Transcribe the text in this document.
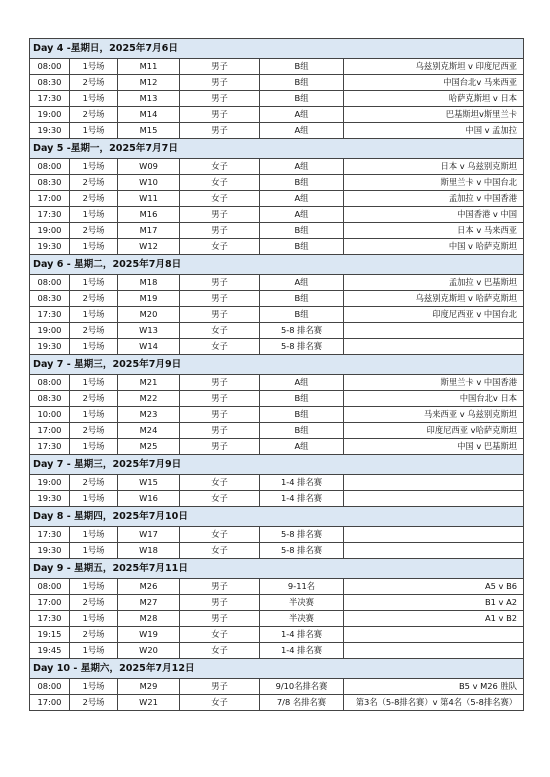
Day 4 -星期日，2025年7月6日					
08:00	1号场	M11	男子	B组	乌兹别克斯坦 v 印度尼西亚
08:30	2号场	M12	男子	B组	中国台北v 马来西亚
17:30	1号场	M13	男子	B组	哈萨克斯坦 v 日本
19:00	2号场	M14	男子	A组	巴基斯坦v斯里兰卡
19:30	1号场	M15	男子	A组	中国 v 孟加拉
Day 5 -星期一，2025年7月7日					
08:00	1号场	W09	女子	A组	日本 v 乌兹别克斯坦
08:30	2号场	W10	女子	B组	斯里兰卡 v 中国台北
17:00	2号场	W11	女子	A组	孟加拉 v 中国香港
17:30	1号场	M16	男子	A组	中国香港 v 中国
19:00	2号场	M17	男子	B组	日本 v 马来西亚
19:30	1号场	W12	女子	B组	中国 v 哈萨克斯坦
Day 6 - 星期二，2025年7月8日					
08:00	1号场	M18	男子	A组	孟加拉 v 巴基斯坦
08:30	2号场	M19	男子	B组	乌兹别克斯坦 v 哈萨克斯坦
17:30	1号场	M20	男子	B组	印度尼西亚 v 中国台北
19:00	2号场	W13	女子	5-8 排名赛	
19:30	1号场	W14	女子	5-8 排名赛	
Day 7 - 星期三，2025年7月9日					
08:00	1号场	M21	男子	A组	斯里兰卡 v 中国香港
08:30	2号场	M22	男子	B组	中国台北v 日本
10:00	1号场	M23	男子	B组	马来西亚 v 乌兹别克斯坦
17:00	2号场	M24	男子	B组	印度尼西亚 v哈萨克斯坦
17:30	1号场	M25	男子	A组	中国 v 巴基斯坦
Day 7 - 星期三，2025年7月9日					
19:00	2号场	W15	女子	1-4 排名赛	
19:30	1号场	W16	女子	1-4 排名赛	
Day 8 - 星期四，2025年7月10日					
17:30	1号场	W17	女子	5-8 排名赛	
19:30	1号场	W18	女子	5-8 排名赛	
Day 9 - 星期五，2025年7月11日					
08:00	1号场	M26	男子	9-11名	A5 v B6
17:00	2号场	M27	男子	半决赛	B1 v A2
17:30	1号场	M28	男子	半决赛	A1 v B2
19:15	2号场	W19	女子	1-4 排名赛	
19:45	1号场	W20	女子	1-4 排名赛	
Day 10 - 星期六，2025年7月12日					
08:00	1号场	M29	男子	9/10名排名赛	B5 v M26 胜队
17:00	2号场	W21	女子	7/8 名排名赛	第3名（5-8排名赛）v 第4名（5-8排名赛）
